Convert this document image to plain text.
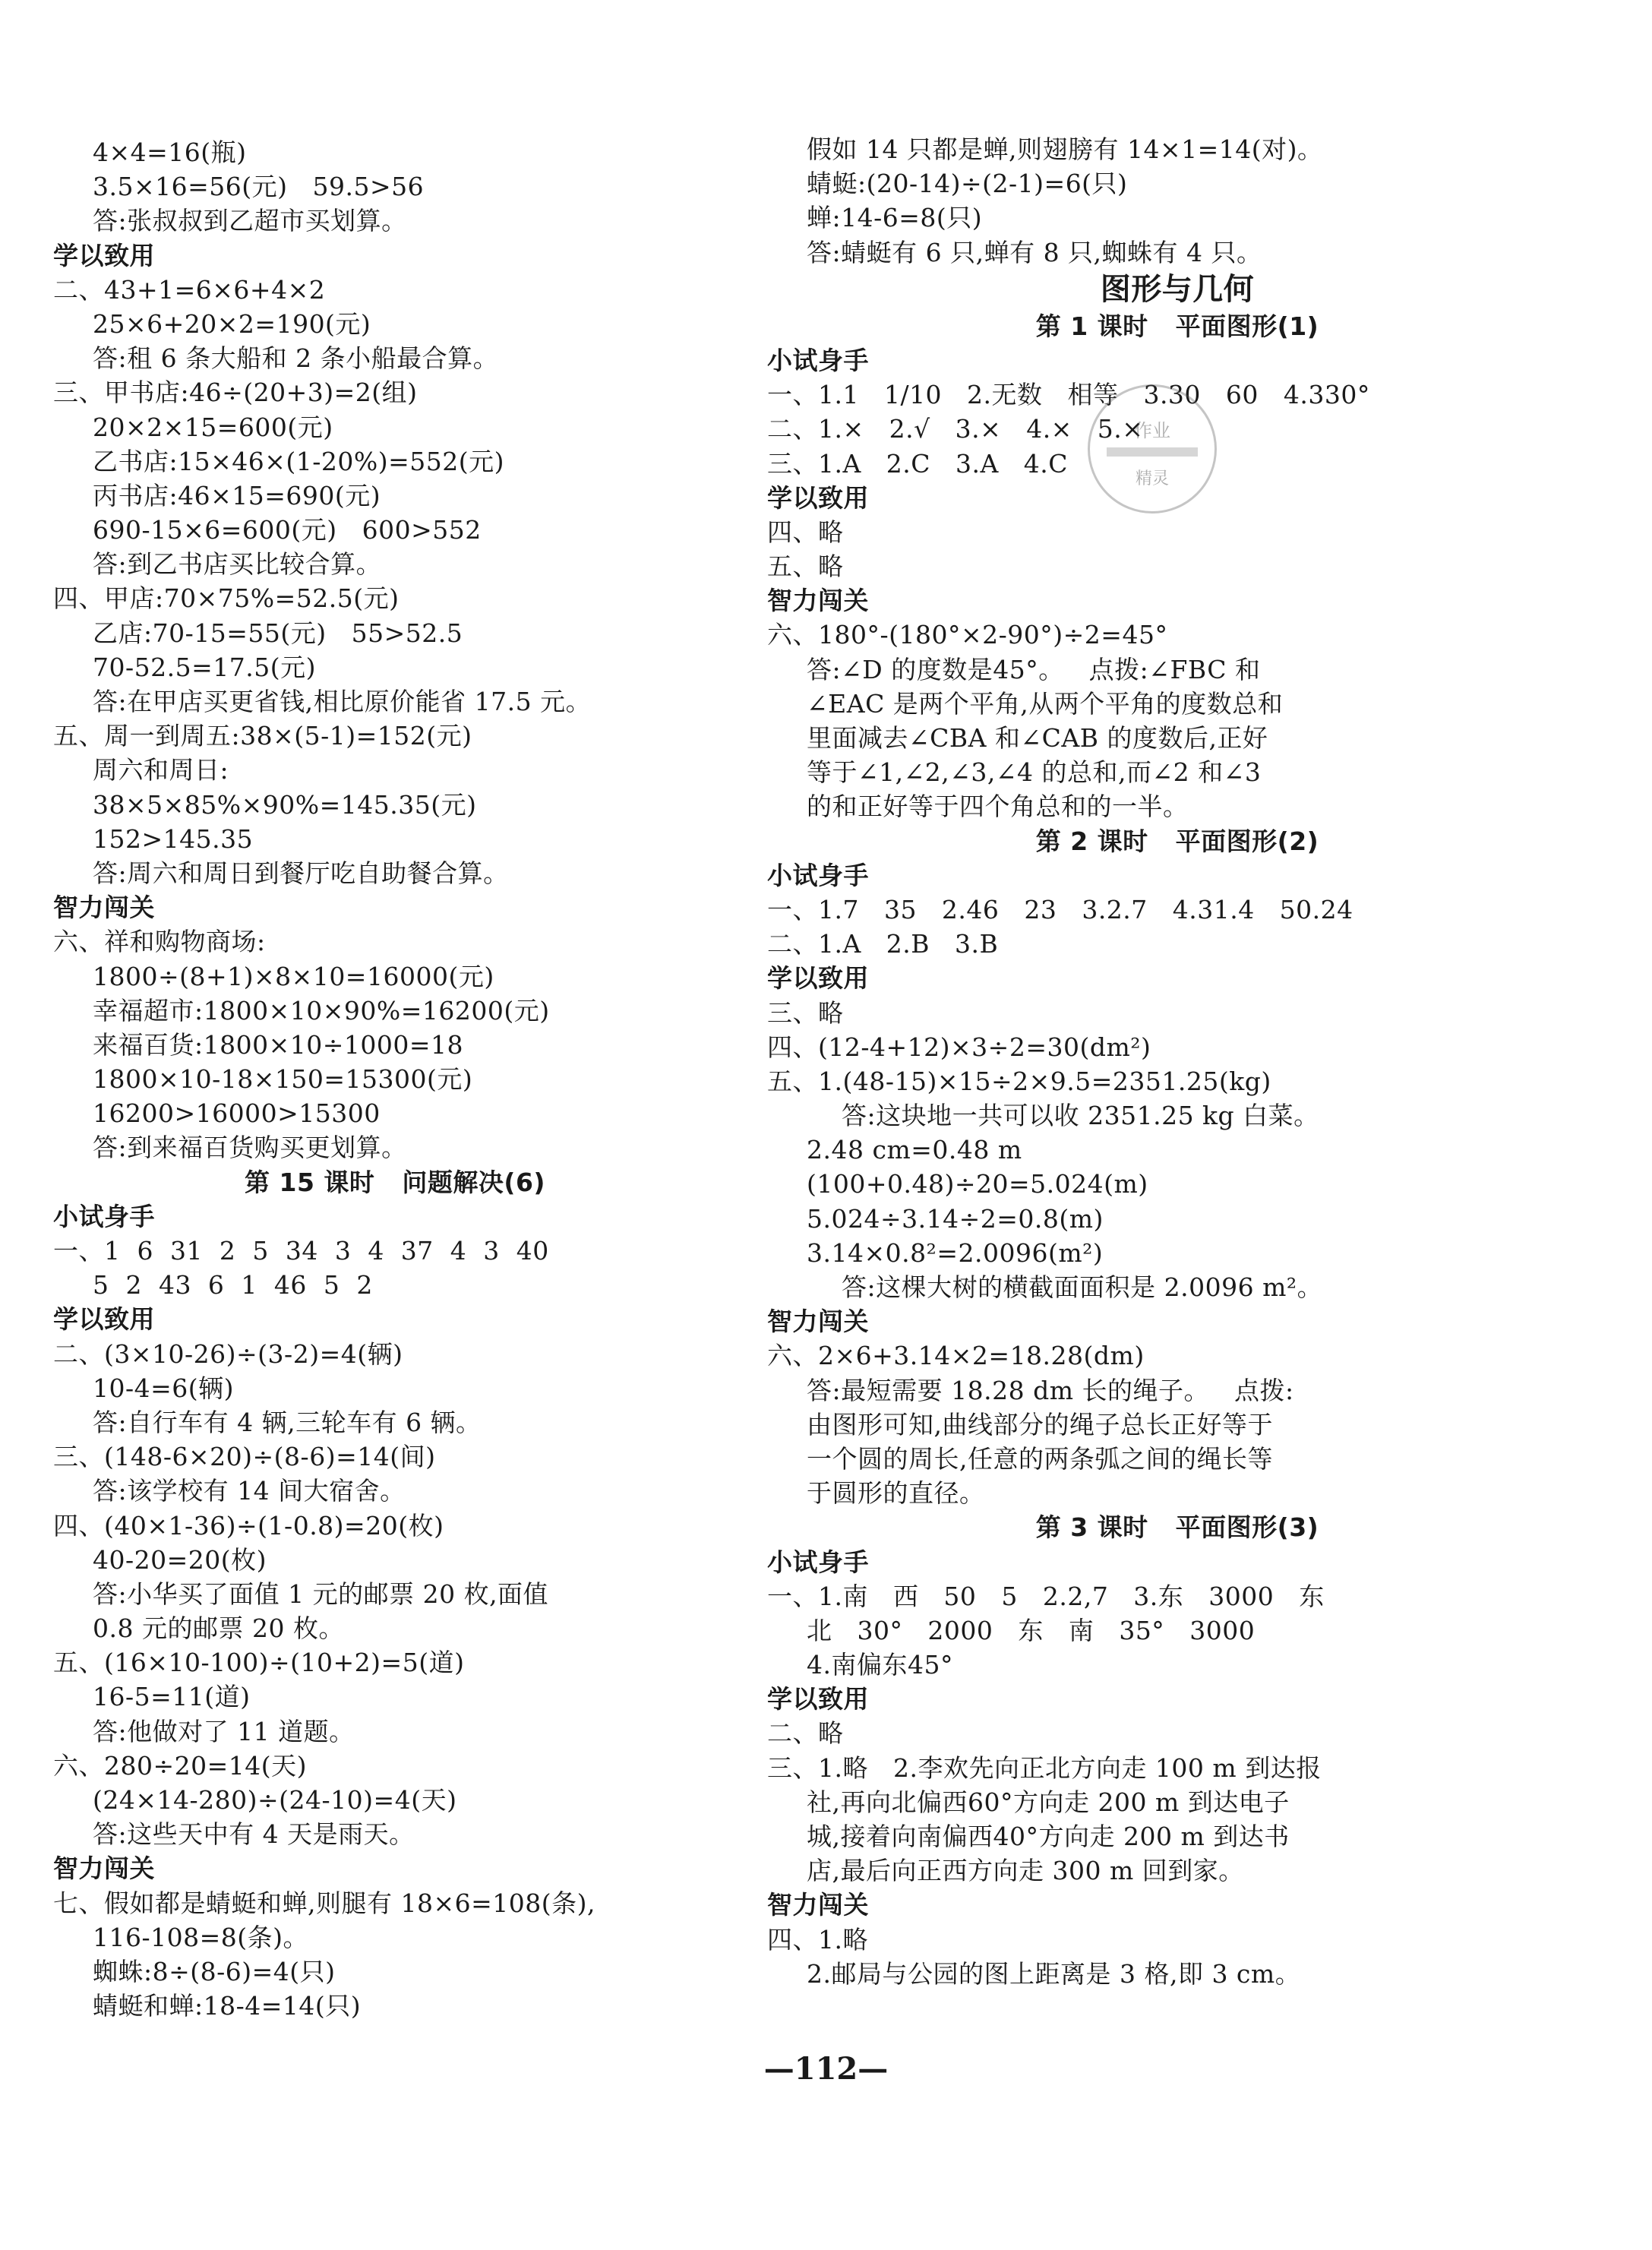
4×4=16(瓶)
3.5×16=56(元)   59.5>56
答:张叔叔到乙超市买划算。
学以致用
二、43+1=6×6+4×2
25×6+20×2=190(元)
答:租 6 条大船和 2 条小船最合算。
三、甲书店:46÷(20+3)=2(组)
20×2×15=600(元)
乙书店:15×46×(1-20%)=552(元)
丙书店:46×15=690(元)
690-15×6=600(元)   600>552
答:到乙书店买比较合算。
四、甲店:70×75%=52.5(元)
乙店:70-15=55(元)   55>52.5
70-52.5=17.5(元)
答:在甲店买更省钱,相比原价能省 17.5 元。
五、周一到周五:38×(5-1)=152(元)
周六和周日:
38×5×85%×90%=145.35(元)
152>145.35
答:周六和周日到餐厅吃自助餐合算。
智力闯关
六、祥和购物商场:
1800÷(8+1)×8×10=16000(元)
幸福超市:1800×10×90%=16200(元)
来福百货:1800×10÷1000=18
1800×10-18×150=15300(元)
16200>16000>15300
答:到来福百货购买更划算。
第 15 课时   问题解决(6)
小试身手
一、1  6  31  2  5  34  3  4  37  4  3  40
5  2  43  6  1  46  5  2
学以致用
二、(3×10-26)÷(3-2)=4(辆)
10-4=6(辆)
答:自行车有 4 辆,三轮车有 6 辆。
三、(148-6×20)÷(8-6)=14(间)
答:该学校有 14 间大宿舍。
四、(40×1-36)÷(1-0.8)=20(枚)
40-20=20(枚)
答:小华买了面值 1 元的邮票 20 枚,面值
0.8 元的邮票 20 枚。
五、(16×10-100)÷(10+2)=5(道)
16-5=11(道)
答:他做对了 11 道题。
六、280÷20=14(天)
(24×14-280)÷(24-10)=4(天)
答:这些天中有 4 天是雨天。
智力闯关
七、假如都是蜻蜓和蝉,则腿有 18×6=108(条),
116-108=8(条)。
蜘蛛:8÷(8-6)=4(只)
蜻蜓和蝉:18-4=14(只)
假如 14 只都是蝉,则翅膀有 14×1=14(对)。
蜻蜓:(20-14)÷(2-1)=6(只)
蝉:14-6=8(只)
答:蜻蜓有 6 只,蝉有 8 只,蜘蛛有 4 只。
图形与几何
第 1 课时   平面图形(1)
小试身手
一、1.1   1/10   2.无数   相等   3.30   60   4.330°
二、1.×   2.√   3.×   4.×   5.×
三、1.A   2.C   3.A   4.C
学以致用
四、略
五、略
智力闯关
六、180°-(180°×2-90°)÷2=45°
答:∠D 的度数是45°。   点拨:∠FBC 和
∠EAC 是两个平角,从两个平角的度数总和
里面减去∠CBA 和∠CAB 的度数后,正好
等于∠1,∠2,∠3,∠4 的总和,而∠2 和∠3
的和正好等于四个角总和的一半。
第 2 课时   平面图形(2)
小试身手
一、1.7   35   2.46   23   3.2.7   4.31.4   50.24
二、1.A   2.B   3.B
学以致用
三、略
四、(12-4+12)×3÷2=30(dm²)
五、1.(48-15)×15÷2×9.5=2351.25(kg)
答:这块地一共可以收 2351.25 kg 白菜。
2.48 cm=0.48 m
(100+0.48)÷20=5.024(m)
5.024÷3.14÷2=0.8(m)
3.14×0.8²=2.0096(m²)
答:这棵大树的横截面面积是 2.0096 m²。
智力闯关
六、2×6+3.14×2=18.28(dm)
答:最短需要 18.28 dm 长的绳子。   点拨:
由图形可知,曲线部分的绳子总长正好等于
一个圆的周长,任意的两条弧之间的绳长等
于圆形的直径。
第 3 课时   平面图形(3)
小试身手
一、1.南   西   50   5   2.2,7   3.东   3000   东
北   30°   2000   东   南   35°   3000
4.南偏东45°
学以致用
二、略
三、1.略   2.李欢先向正北方向走 100 m 到达报
社,再向北偏西60°方向走 200 m 到达电子
城,接着向南偏西40°方向走 200 m 到达书
店,最后向正西方向走 300 m 回到家。
智力闯关
四、1.略
2.邮局与公园的图上距离是 3 格,即 3 cm。
作业
精灵
—112—
